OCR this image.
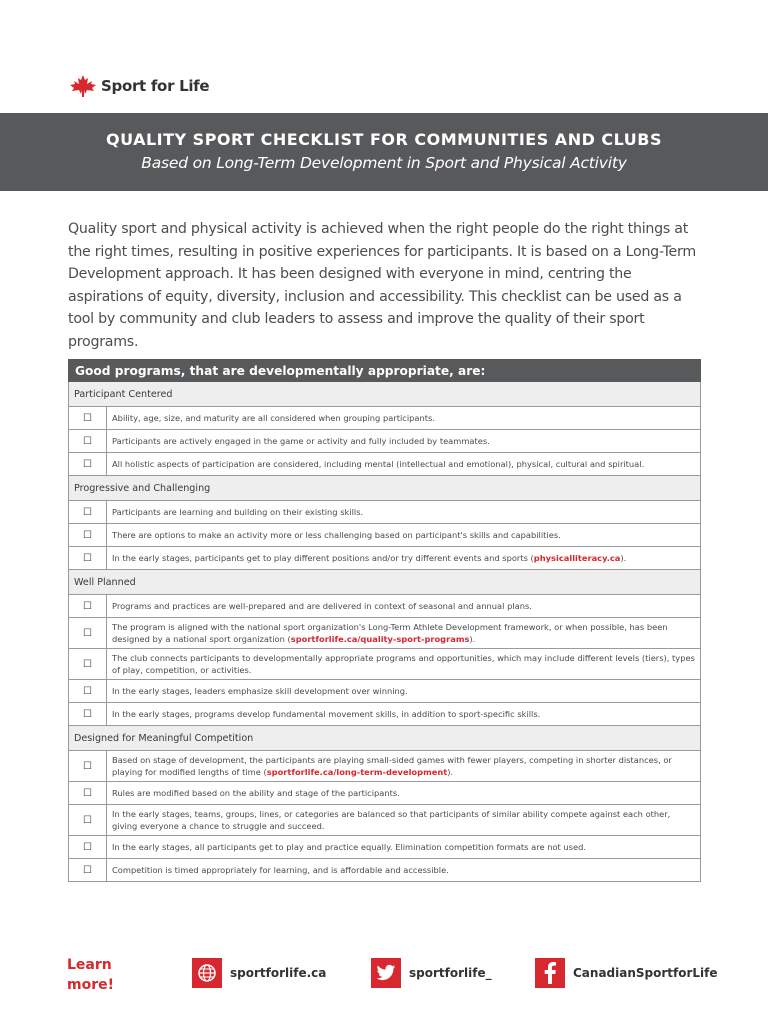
Sport for Life
QUALITY SPORT CHECKLIST FOR COMMUNITIES AND CLUBS
Based on Long-Term Development in Sport and Physical Activity

Quality sport and physical activity is achieved when the right people do the right things at the right times, resulting in positive experiences for participants. It is based on a Long-Term Development approach. It has been designed with everyone in mind, centring the aspirations of equity, diversity, inclusion and accessibility. This checklist can be used as a tool by community and club leaders to assess and improve the quality of their sport programs.

Good programs, that are developmentally appropriate, are:	
Participant Centered	
☐	Ability, age, size, and maturity are all considered when grouping participants.
☐	Participants are actively engaged in the game or activity and fully included by teammates.
☐	All holistic aspects of participation are considered, including mental (intellectual and emotional), physical, cultural and spiritual.
Progressive and Challenging	
☐	Participants are learning and building on their existing skills.
☐	There are options to make an activity more or less challenging based on participant's skills and capabilities.
☐	In the early stages, participants get to play different positions and/or try different events and sports (physicalliteracy.ca).
Well Planned	
☐	Programs and practices are well-prepared and are delivered in context of seasonal and annual plans.
☐	The program is aligned with the national sport organization's Long-Term Athlete Development framework, or when possible, has been designed by a national sport organization (sportforlife.ca/quality-sport-programs).
☐	The club connects participants to developmentally appropriate programs and opportunities, which may include different levels (tiers), types of play, competition, or activities.
☐	In the early stages, leaders emphasize skill development over winning.
☐	In the early stages, programs develop fundamental movement skills, in addition to sport-specific skills.
Designed for Meaningful Competition	
☐	Based on stage of development, the participants are playing small-sided games with fewer players, competing in shorter distances, or playing for modified lengths of time (sportforlife.ca/long-term-development).
☐	Rules are modified based on the ability and stage of the participants.
☐	In the early stages, teams, groups, lines, or categories are balanced so that participants of similar ability compete against each other, giving everyone a chance to struggle and succeed.
☐	In the early stages, all participants get to play and practice equally. Elimination competition formats are not used.
☐	Competition is timed appropriately for learning, and is affordable and accessible.
Learn
more!
sportforlife.ca	sportforlife_	CanadianSportforLife
